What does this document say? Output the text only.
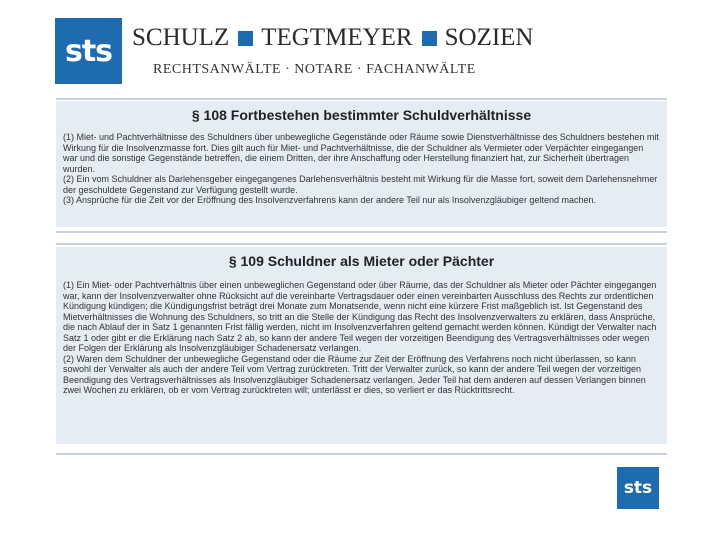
sts SCHULZ TEGTMEYER SOZIEN
RECHTSANWÄLTE · NOTARE · FACHANWÄLTE
§ 108 Fortbestehen bestimmter Schuldverhältnisse

(1) Miet- und Pachtverhältnisse des Schuldners über unbewegliche Gegenstände oder Räume sowie Dienstverhältnisse des Schuldners bestehen mit Wirkung für die Insolvenzmasse fort. Dies gilt auch für Miet- und Pachtverhältnisse, die der Schuldner als Vermieter oder Verpächter eingegangen war und die sonstige Gegenstände betreffen, die einem Dritten, der ihre Anschaffung oder Herstellung finanziert hat, zur Sicherheit übertragen wurden.

(2) Ein vom Schuldner als Darlehensgeber eingegangenes Darlehensverhältnis besteht mit Wirkung für die Masse fort, soweit dem Darlehensnehmer der geschuldete Gegenstand zur Verfügung gestellt wurde.

(3) Ansprüche für die Zeit vor der Eröffnung des Insolvenzverfahrens kann der andere Teil nur als Insolvenzgläubiger geltend machen.

§ 109 Schuldner als Mieter oder Pächter

(1) Ein Miet- oder Pachtverhältnis über einen unbeweglichen Gegenstand oder über Räume, das der Schuldner als Mieter oder Pächter eingegangen war, kann der Insolvenzverwalter ohne Rücksicht auf die vereinbarte Vertragsdauer oder einen vereinbarten Ausschluss des Rechts zur ordentlichen Kündigung kündigen; die Kündigungsfrist beträgt drei Monate zum Monatsende, wenn nicht eine kürzere Frist maßgeblich ist. Ist Gegenstand des Mietverhältnisses die Wohnung des Schuldners, so tritt an die Stelle der Kündigung das Recht des Insolvenzverwalters zu erklären, dass Ansprüche, die nach Ablauf der in Satz 1 genannten Frist fällig werden, nicht im Insolvenzverfahren geltend gemacht werden können. Kündigt der Verwalter nach Satz 1 oder gibt er die Erklärung nach Satz 2 ab, so kann der andere Teil wegen der vorzeitigen Beendigung des Vertragsverhältnisses oder wegen der Folgen der Erklärung als Insolvenzgläubiger Schadenersatz verlangen.

(2) Waren dem Schuldner der unbewegliche Gegenstand oder die Räume zur Zeit der Eröffnung des Verfahrens noch nicht überlassen, so kann sowohl der Verwalter als auch der andere Teil vom Vertrag zurücktreten. Tritt der Verwalter zurück, so kann der andere Teil wegen der vorzeitigen Beendigung des Vertragsverhältnisses als Insolvenzgläubiger Schadenersatz verlangen. Jeder Teil hat dem anderen auf dessen Verlangen binnen zwei Wochen zu erklären, ob er vom Vertrag zurücktreten will; unterlässt er dies, so verliert er das Rücktrittsrecht.

sts
